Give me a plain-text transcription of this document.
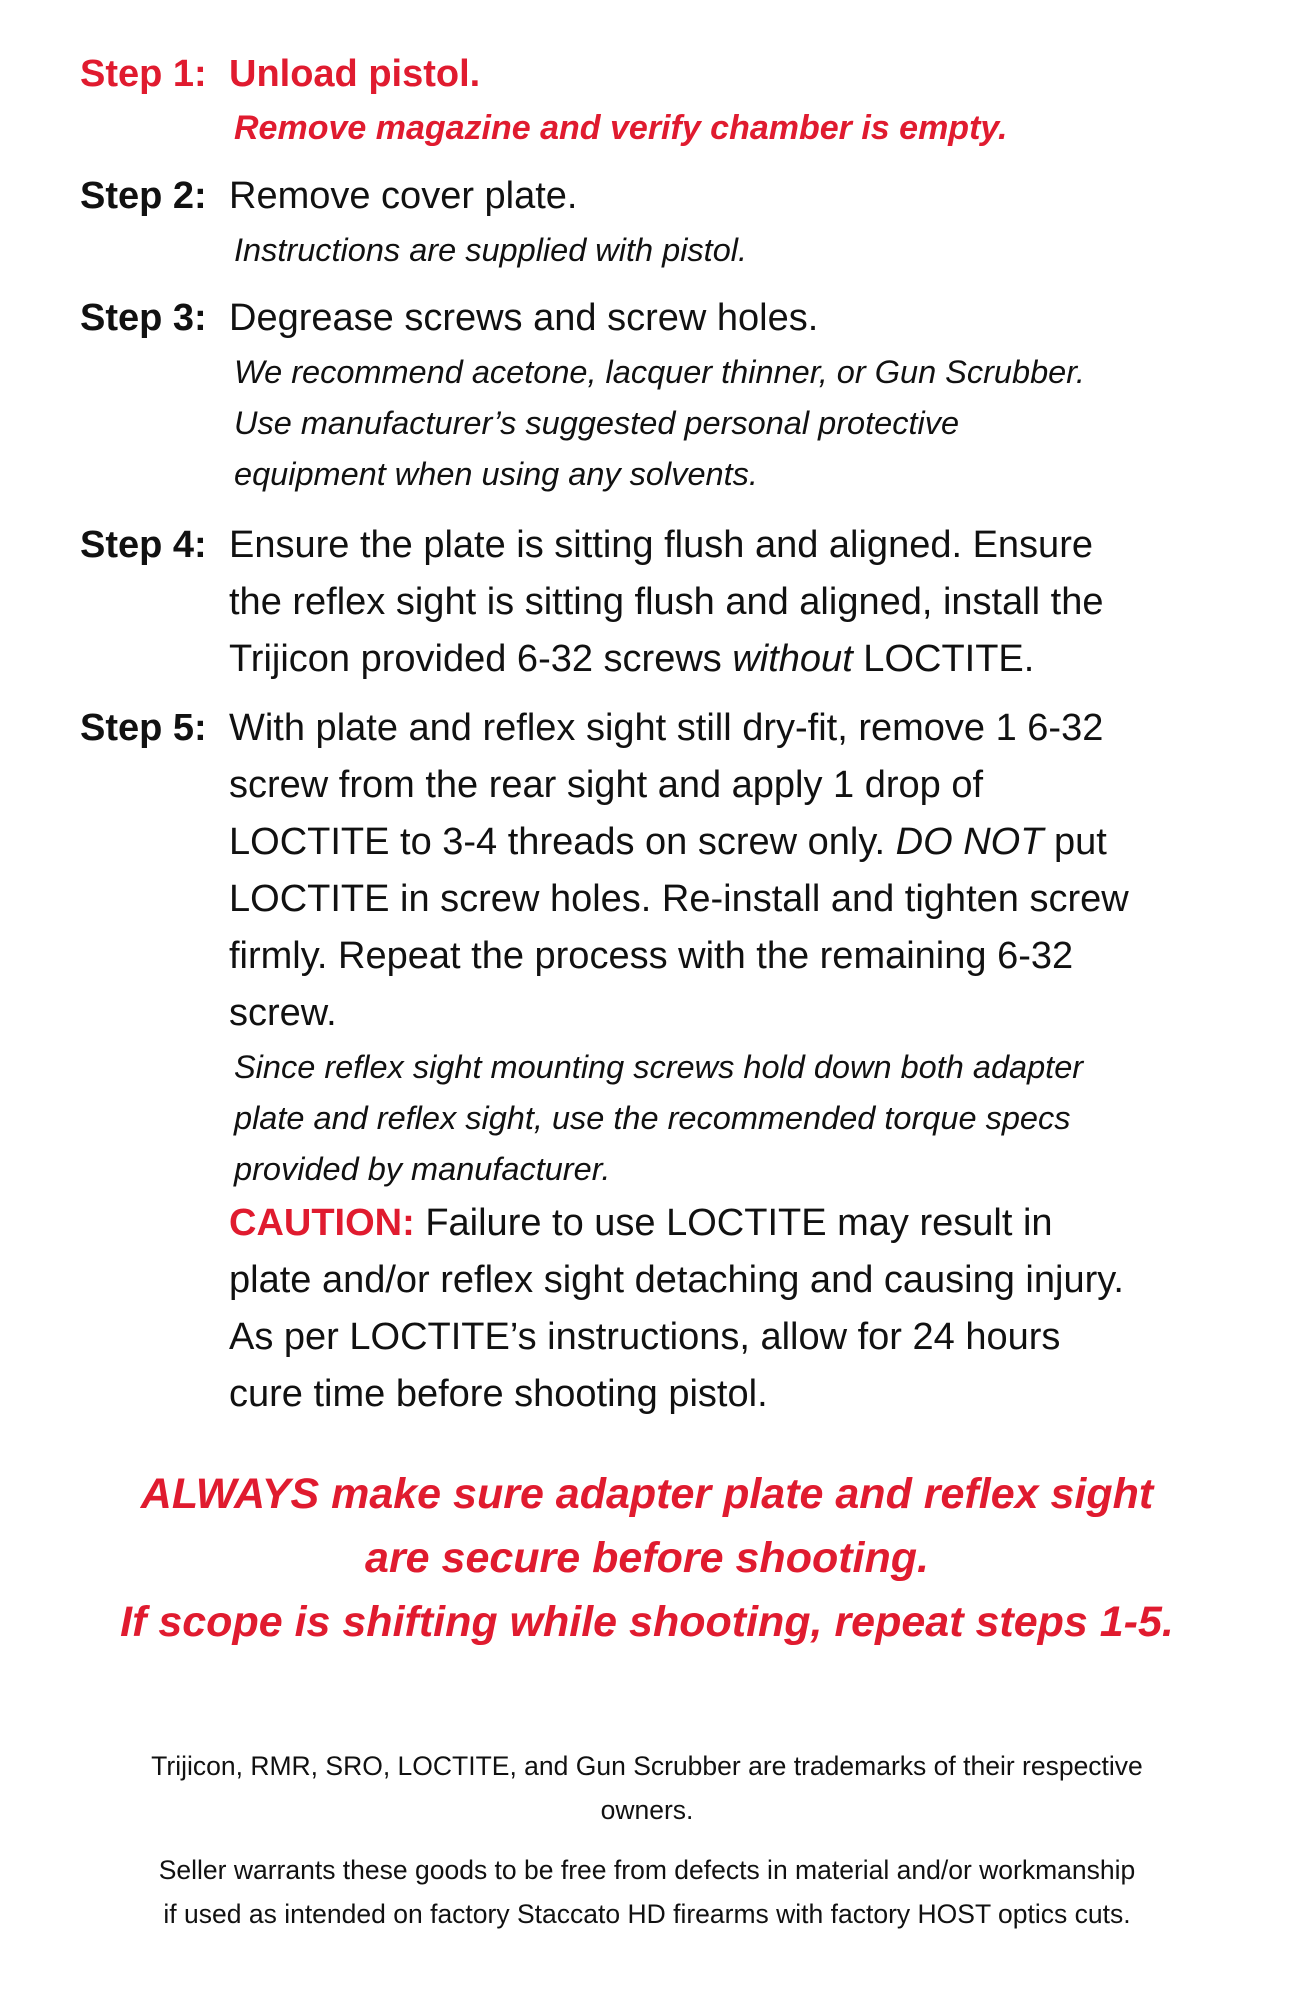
Step 1: Unload pistol.
Remove magazine and verify chamber is empty.
Step 2: Remove cover plate.
Instructions are supplied with pistol.
Step 3: Degrease screws and screw holes.
We recommend acetone, lacquer thinner, or Gun Scrubber.
Use manufacturer’s suggested personal protective
equipment when using any solvents.
Step 4: Ensure the plate is sitting flush and aligned. Ensure
the reflex sight is sitting flush and aligned, install the
Trijicon provided 6-32 screws without LOCTITE.
Step 5: With plate and reflex sight still dry-fit, remove 1 6-32
screw from the rear sight and apply 1 drop of
LOCTITE to 3-4 threads on screw only. DO NOT put
LOCTITE in screw holes. Re-install and tighten screw
firmly. Repeat the process with the remaining 6-32
screw.
Since reflex sight mounting screws hold down both adapter
plate and reflex sight, use the recommended torque specs
provided by manufacturer.
CAUTION: Failure to use LOCTITE may result in
plate and/or reflex sight detaching and causing injury.
As per LOCTITE’s instructions, allow for 24 hours
cure time before shooting pistol.
ALWAYS make sure adapter plate and reflex sight
are secure before shooting.
If scope is shifting while shooting, repeat steps 1-5.
Trijicon, RMR, SRO, LOCTITE, and Gun Scrubber are trademarks of their respective
owners.
Seller warrants these goods to be free from defects in material and/or workmanship
if used as intended on factory Staccato HD firearms with factory HOST optics cuts.
